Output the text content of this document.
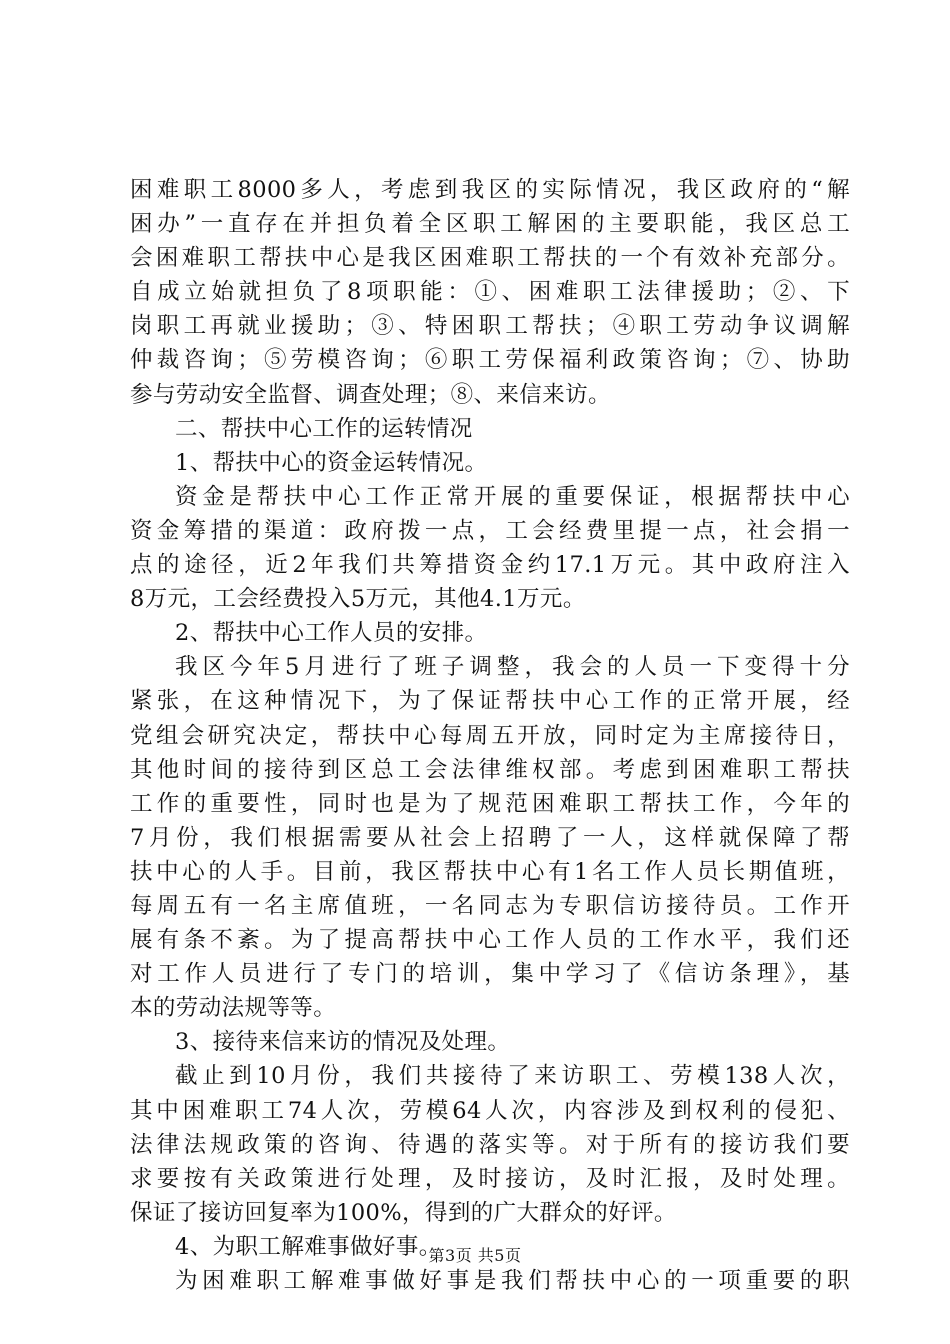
困难职工8000多人，考虑到我区的实际情况，我区政府的“解
困办”一直存在并担负着全区职工解困的主要职能，我区总工
会困难职工帮扶中心是我区困难职工帮扶的一个有效补充部分。
自成立始就担负了8项职能：①、困难职工法律援助；②、下
岗职工再就业援助；③、特困职工帮扶；④职工劳动争议调解
仲裁咨询；⑤劳模咨询；⑥职工劳保福利政策咨询；⑦、协助
参与劳动安全监督、调查处理；⑧、来信来访。
二、帮扶中心工作的运转情况
1、帮扶中心的资金运转情况。
资金是帮扶中心工作正常开展的重要保证，根据帮扶中心
资金筹措的渠道：政府拨一点，工会经费里提一点，社会捐一
点的途径，近2年我们共筹措资金约17.1万元。其中政府注入
8万元，工会经费投入5万元，其他4.1万元。
2、帮扶中心工作人员的安排。
我区今年5月进行了班子调整，我会的人员一下变得十分
紧张，在这种情况下，为了保证帮扶中心工作的正常开展，经
党组会研究决定，帮扶中心每周五开放，同时定为主席接待日，
其他时间的接待到区总工会法律维权部。考虑到困难职工帮扶
工作的重要性，同时也是为了规范困难职工帮扶工作，今年的
7月份，我们根据需要从社会上招聘了一人，这样就保障了帮
扶中心的人手。目前，我区帮扶中心有1名工作人员长期值班，
每周五有一名主席值班，一名同志为专职信访接待员。工作开
展有条不紊。为了提高帮扶中心工作人员的工作水平，我们还
对工作人员进行了专门的培训，集中学习了《信访条理》，基
本的劳动法规等等。
3、接待来信来访的情况及处理。
截止到10月份，我们共接待了来访职工、劳模138人次，
其中困难职工74人次，劳模64人次，内容涉及到权利的侵犯、
法律法规政策的咨询、待遇的落实等。对于所有的接访我们要
求要按有关政策进行处理，及时接访，及时汇报，及时处理。
保证了接访回复率为100%，得到的广大群众的好评。
4、为职工解难事做好事。
为困难职工解难事做好事是我们帮扶中心的一项重要的职
第3页 共5页
